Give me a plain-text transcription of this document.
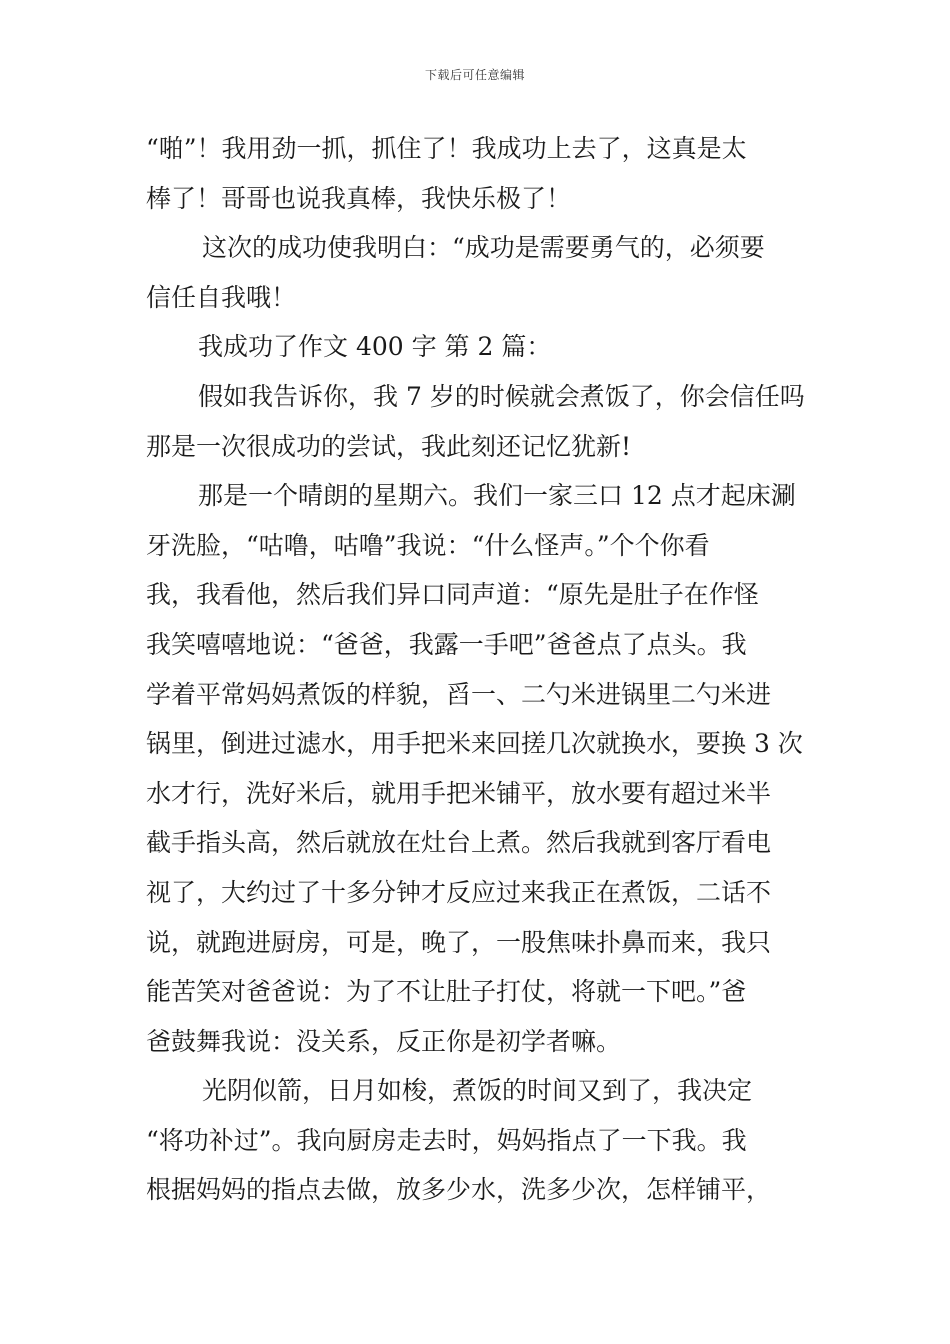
下载后可任意编辑
“啪”！我用劲一抓，抓住了！我成功上去了，这真是太
棒了！哥哥也说我真棒，我快乐极了！
这次的成功使我明白：“成功是需要勇气的，必须要
信任自我哦！
我成功了作文 400 字 第 2 篇：
假如我告诉你，我 7 岁的时候就会煮饭了，你会信任吗
那是一次很成功的尝试，我此刻还记忆犹新!
那是一个晴朗的星期六。我们一家三口 12 点才起床涮
牙洗脸，“咕噜，咕噜”我说：“什么怪声。”个个你看
我，我看他，然后我们异口同声道：“原先是肚子在作怪
我笑嘻嘻地说：“爸爸，我露一手吧”爸爸点了点头。我
学着平常妈妈煮饭的样貌，舀一、二勺米进锅里二勺米进
锅里，倒进过滤水，用手把米来回搓几次就换水，要换 3 次
水才行，洗好米后，就用手把米铺平，放水要有超过米半
截手指头高，然后就放在灶台上煮。然后我就到客厅看电
视了，大约过了十多分钟才反应过来我正在煮饭，二话不
说，就跑进厨房，可是，晚了，一股焦味扑鼻而来，我只
能苦笑对爸爸说：为了不让肚子打仗，将就一下吧。”爸
爸鼓舞我说：没关系，反正你是初学者嘛。
光阴似箭，日月如梭，煮饭的时间又到了，我决定
“将功补过”。我向厨房走去时，妈妈指点了一下我。我
根据妈妈的指点去做，放多少水，洗多少次，怎样铺平，
